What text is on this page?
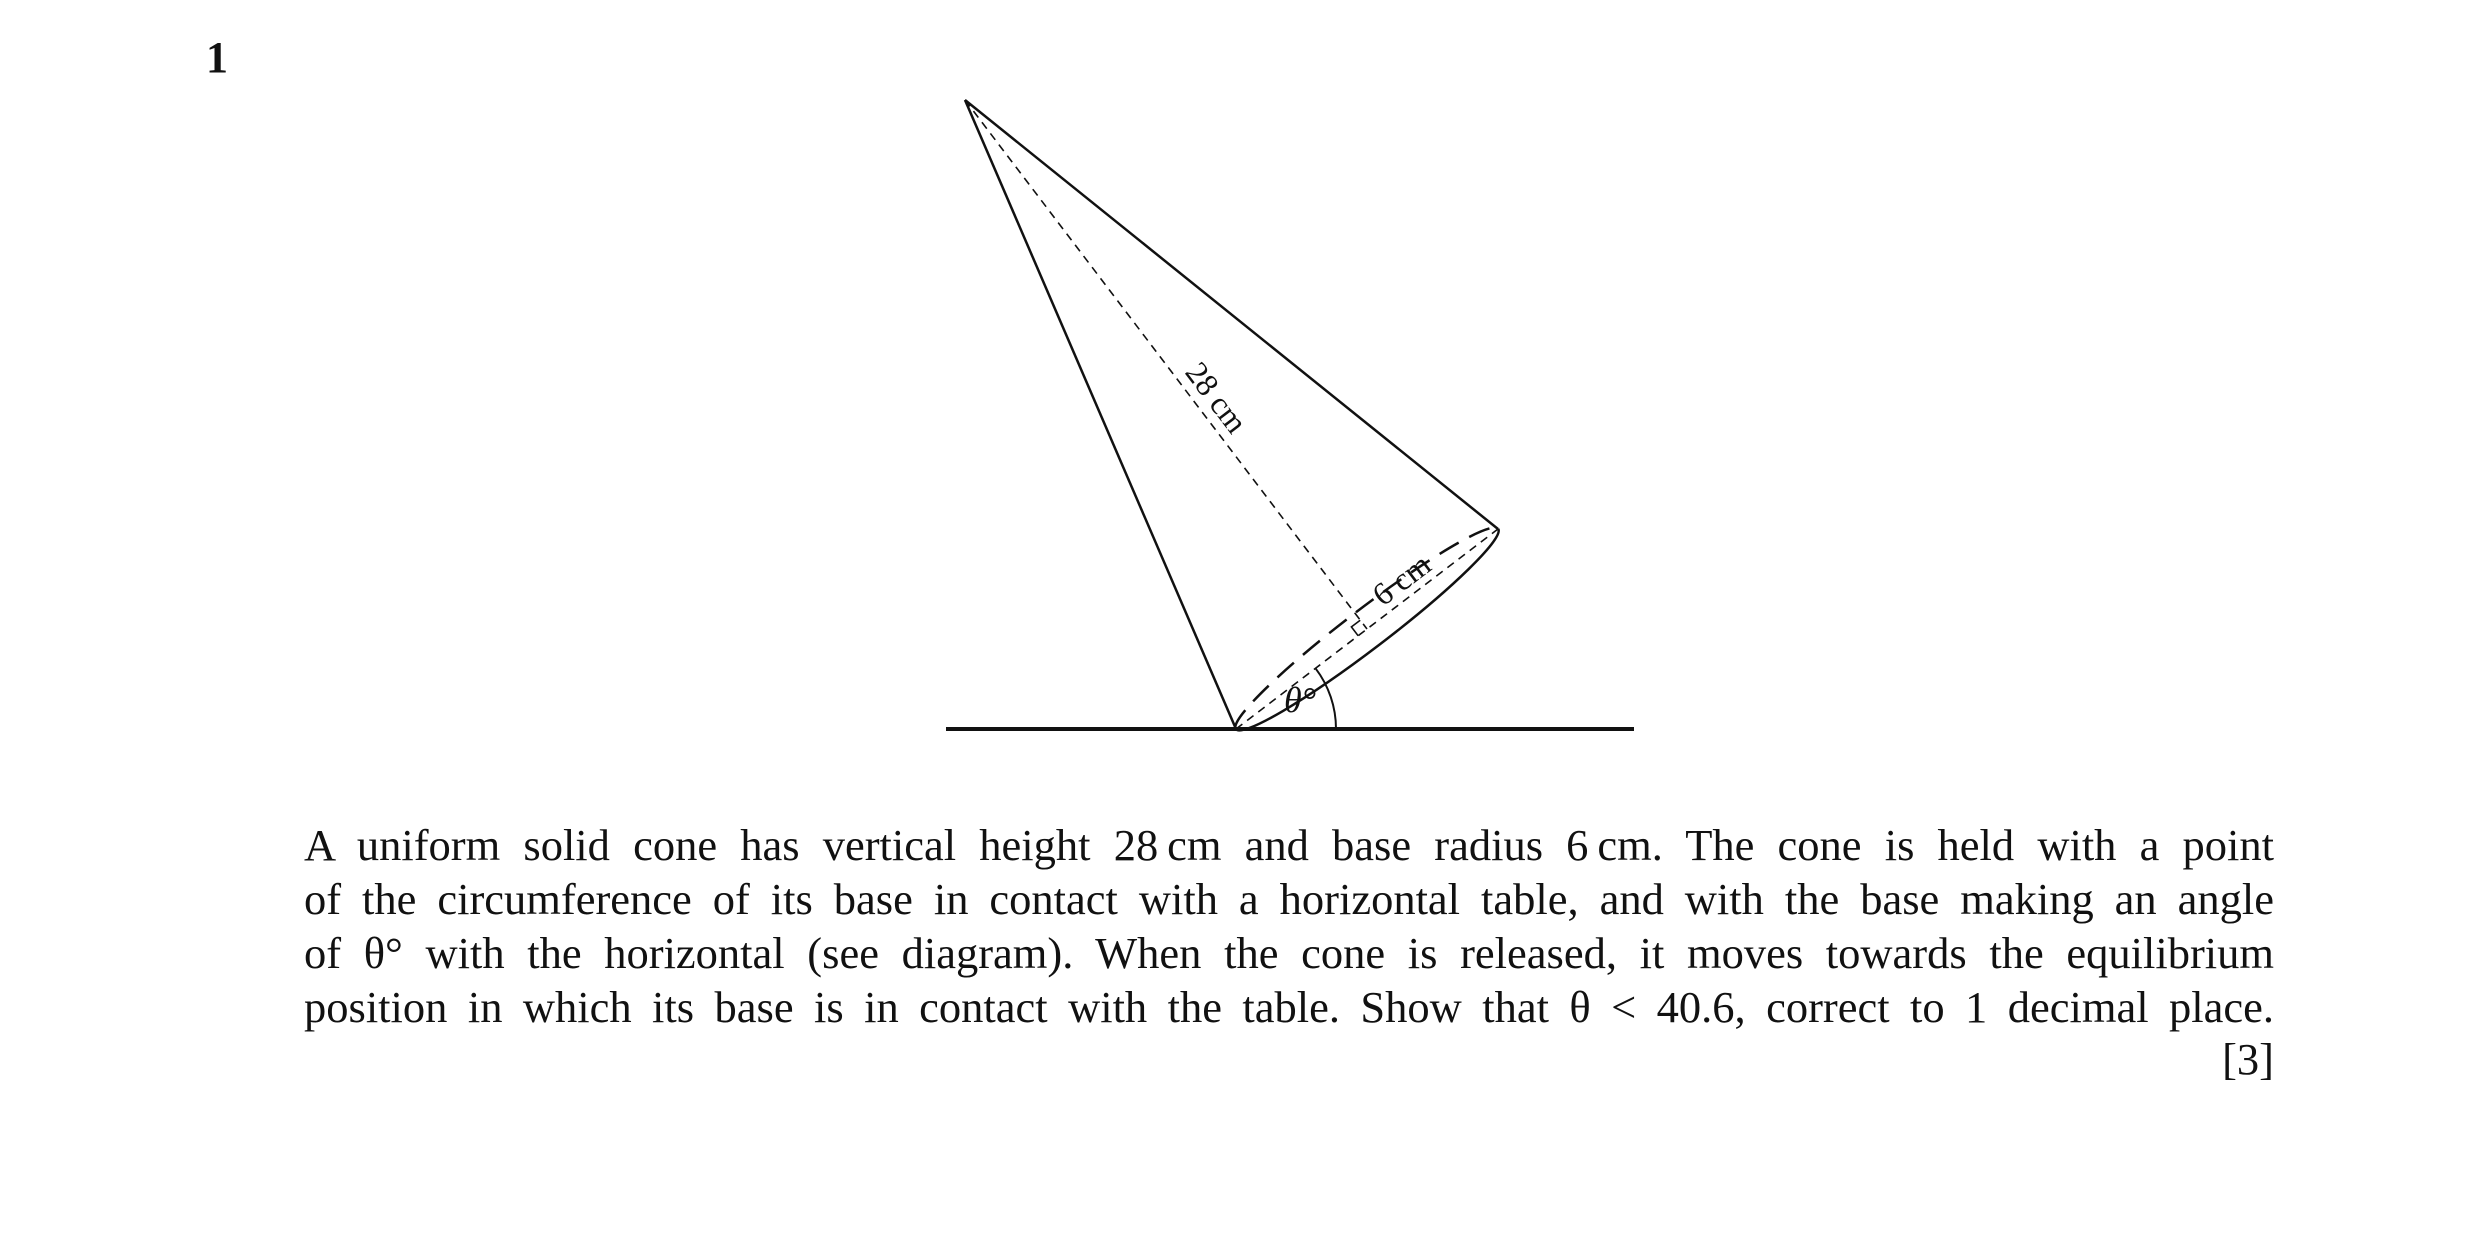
1
28 cm
6 cm
θ°
A uniform solid cone has vertical height 28 cm and base radius 6 cm. The cone is held with a point
of the circumference of its base in contact with a horizontal table, and with the base making an angle
of θ° with the horizontal (see diagram). When the cone is released, it moves towards the equilibrium
position in which its base is in contact with the table. Show that θ < 40.6, correct to 1 decimal place.
[3]
